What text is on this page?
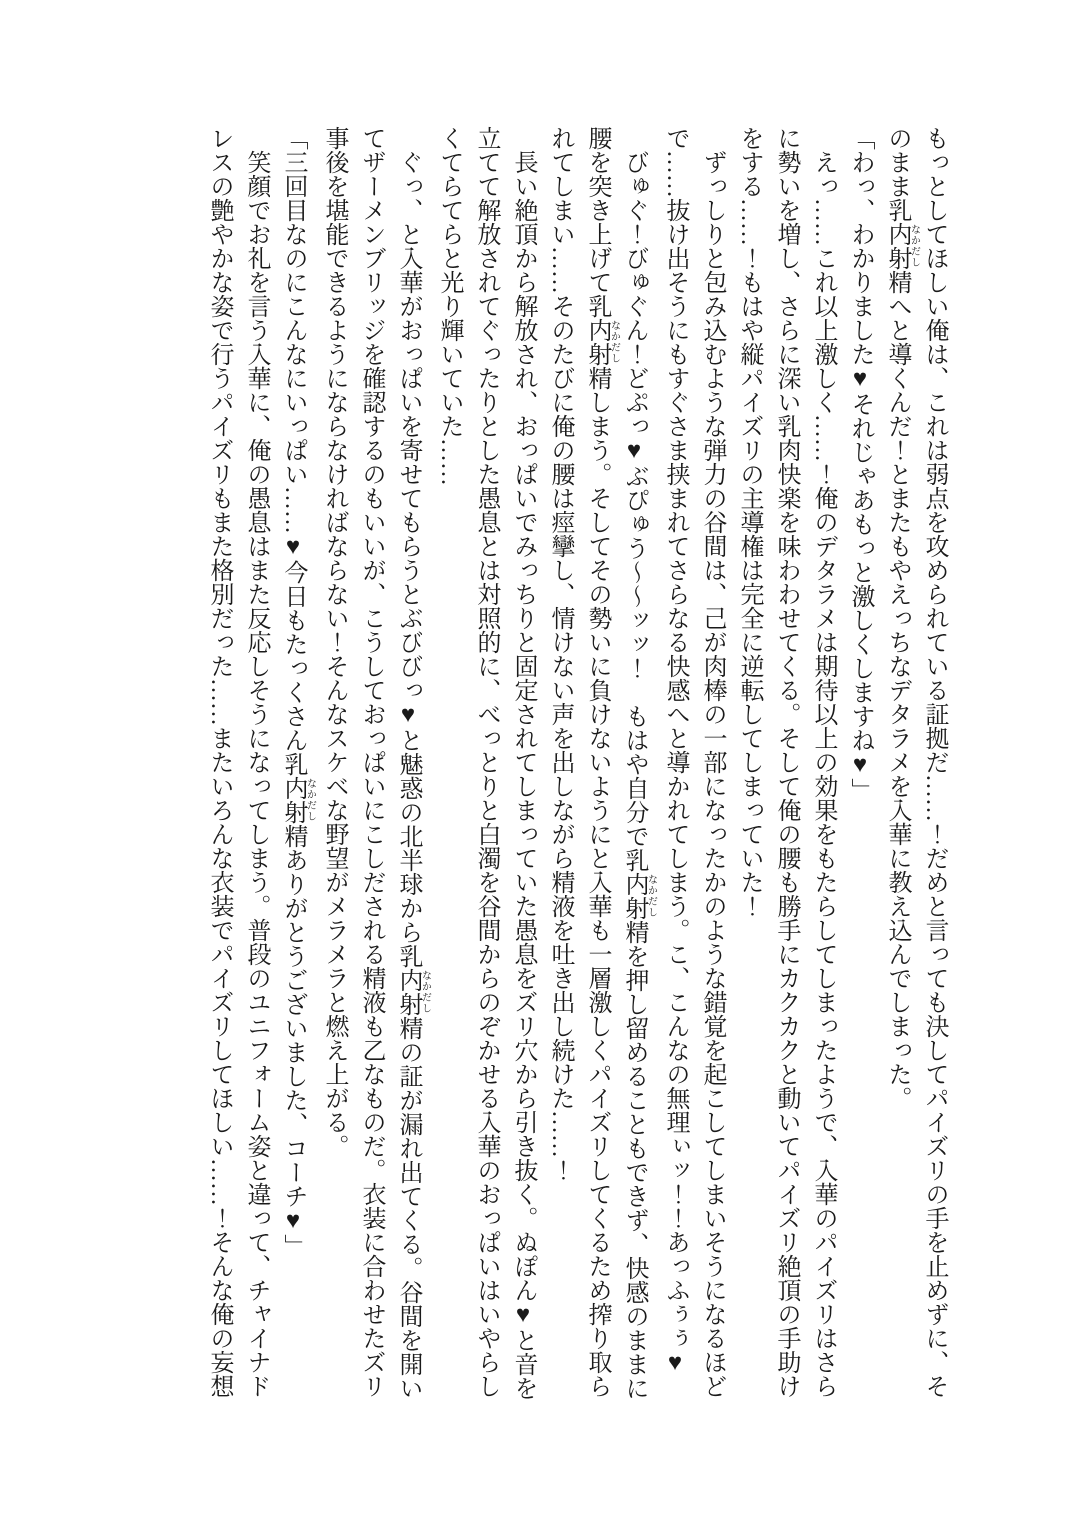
もっとしてほしい俺は、これは弱点を攻められている証拠だ……！だめと言っても決してパイズリの手を止めずに、そのまま乳内射精なかだしへと導くんだ！とまたもやえっちなデタラメを入華に教え込んでしまった。

「わっ、わかりました♥それじゃあもっと激しくしますね♥」

えっ……これ以上激しく……！俺のデタラメは期待以上の効果をもたらしてしまったようで、入華のパイズリはさらに勢いを増し、さらに深い乳肉快楽を味わわせてくる。そして俺の腰も勝手にカクカクと動いてパイズリ絶頂の手助けをする……！もはや縦パイズリの主導権は完全に逆転してしまっていた！

ずっしりと包み込むような弾力の谷間は、己が肉棒の一部になったかのような錯覚を起こしてしまいそうになるほどで……抜け出そうにもすぐさま挟まれてさらなる快感へと導かれてしまう。こ、こんなの無理ぃッ！！あっふぅぅ♥

びゅぐ！びゅぐん！どぷっ♥ぶぴゅう～～ッッ！　もはや自分で乳内射精なかだしを押し留めることもできず、快感のままに腰を突き上げて乳内射精なかだししまう。そしてその勢いに負けないようにと入華も一層激しくパイズリしてくるため搾り取られてしまい……そのたびに俺の腰は痙攣し、情けない声を出しながら精液を吐き出し続けた……！

長い絶頂から解放され、おっぱいでみっちりと固定されてしまっていた愚息をズリ穴から引き抜く。ぬぽん♥と音を立てて解放されてぐったりとした愚息とは対照的に、べっとりと白濁を谷間からのぞかせる入華のおっぱいはいやらしくてらてらと光り輝いていた……

ぐっ、と入華がおっぱいを寄せてもらうとぶびびっ♥と魅惑の北半球から乳内射精なかだしの証が漏れ出てくる。谷間を開いてザーメンブリッジを確認するのもいいが、こうしておっぱいにこしだされる精液も乙なものだ。衣装に合わせたズリ事後を堪能できるようにならなければならない！そんなスケベな野望がメラメラと燃え上がる。

「三回目なのにこんなにいっぱい……♥今日もたっくさん乳内射精なかだしありがとうございました、コーチ♥」

笑顔でお礼を言う入華に、俺の愚息はまた反応しそうになってしまう。普段のユニフォーム姿と違って、チャイナドレスの艶やかな姿で行うパイズリもまた格別だった……またいろんな衣装でパイズリしてほしい……！そんな俺の妄想
